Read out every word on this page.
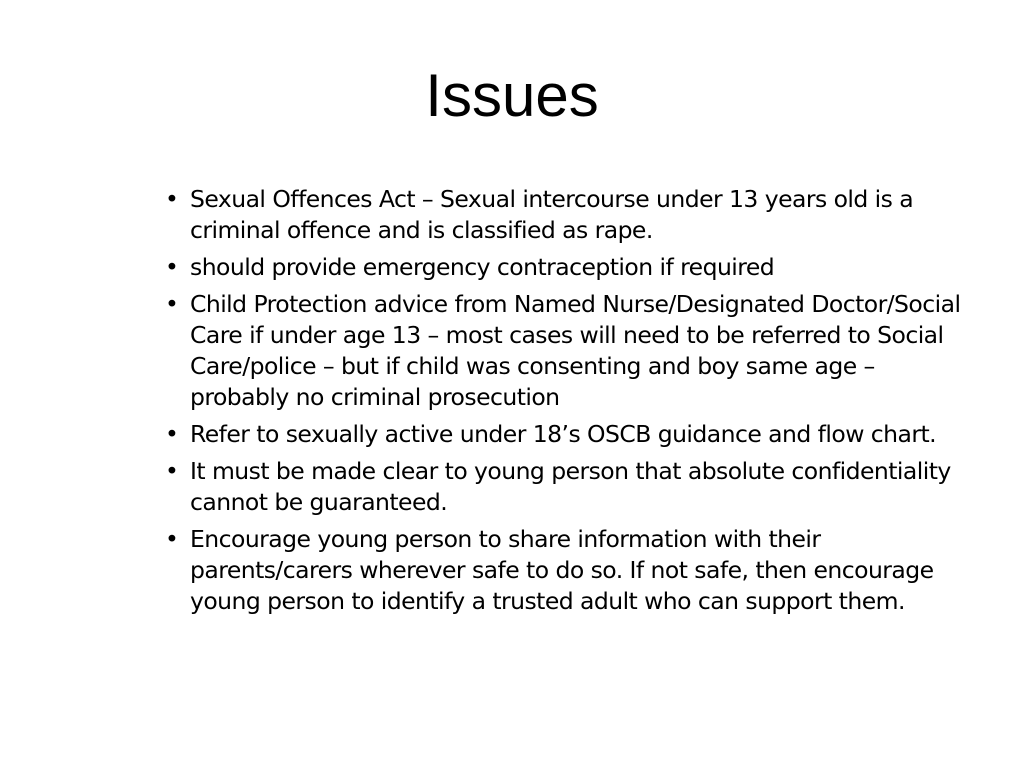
Issues
• Sexual Offences Act – Sexual intercourse under 13 years old is a criminal offence and is classified as rape.
• should provide emergency contraception if required
• Child Protection advice from Named Nurse/Designated Doctor/Social Care if under age 13 – most cases will need to be referred to Social Care/police – but if child was consenting and boy same age –probably no criminal prosecution
• Refer to sexually active under 18’s OSCB guidance and flow chart.
• It must be made clear to young person that absolute confidentiality cannot be guaranteed.
• Encourage young person to share information with their parents/carers wherever safe to do so. If not safe, then encourage young person to identify a trusted adult who can support them.
